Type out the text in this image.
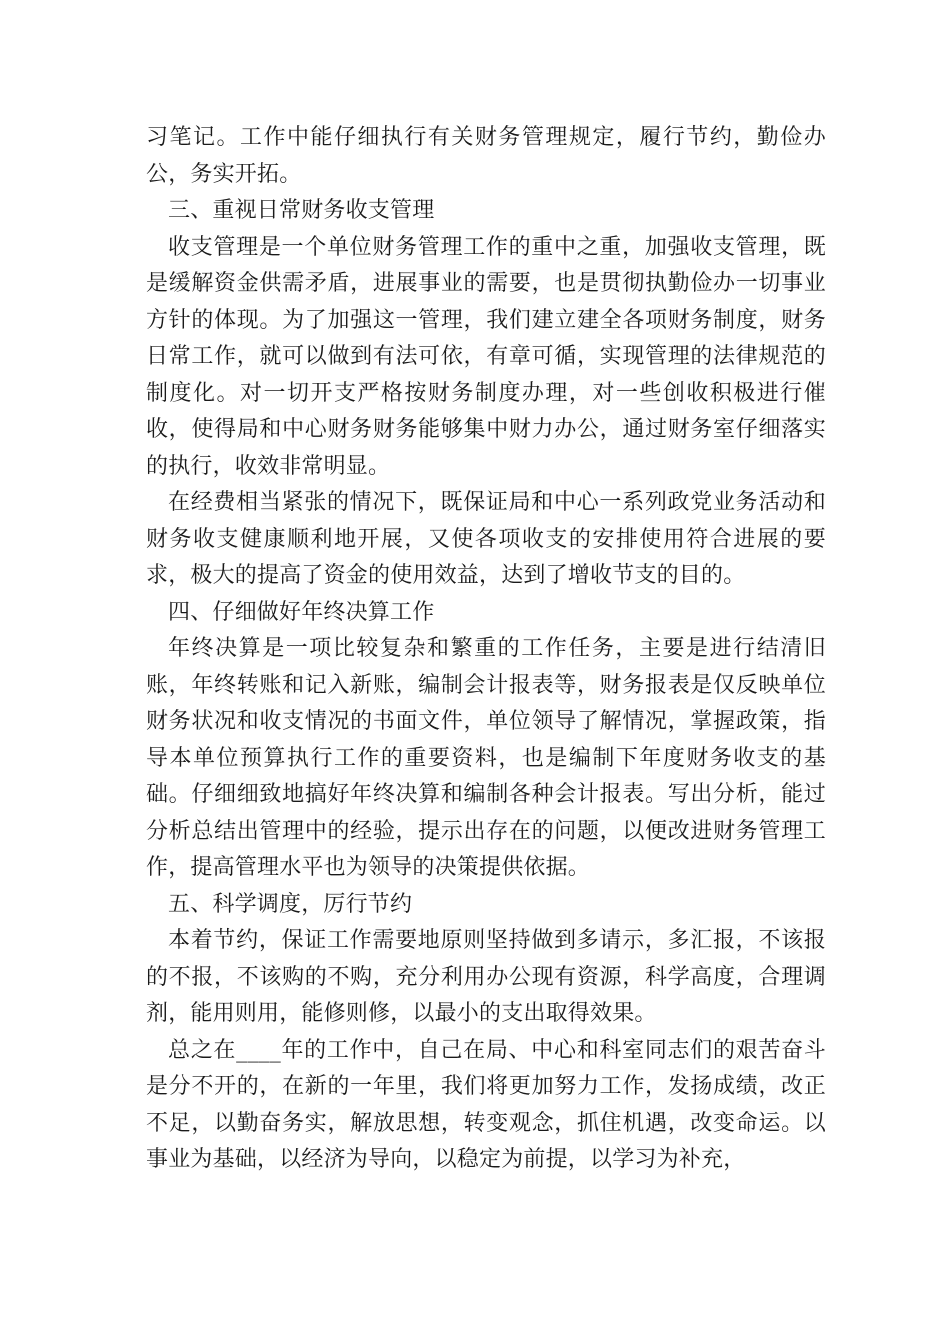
习笔记。工作中能仔细执行有关财务管理规定，履行节约，勤俭办公，务实开拓。

三、重视日常财务收支管理

收支管理是一个单位财务管理工作的重中之重，加强收支管理，既是缓解资金供需矛盾，进展事业的需要，也是贯彻执勤俭办一切事业方针的体现。为了加强这一管理，我们建立建全各项财务制度，财务日常工作，就可以做到有法可依，有章可循，实现管理的法律规范的制度化。对一切开支严格按财务制度办理，对一些创收积极进行催收，使得局和中心财务财务能够集中财力办公，通过财务室仔细落实的执行，收效非常明显。

在经费相当紧张的情况下，既保证局和中心一系列政党业务活动和财务收支健康顺利地开展，又使各项收支的安排使用符合进展的要求，极大的提高了资金的使用效益，达到了增收节支的目的。

四、仔细做好年终决算工作

年终决算是一项比较复杂和繁重的工作任务，主要是进行结清旧账，年终转账和记入新账，编制会计报表等，财务报表是仅反映单位财务状况和收支情况的书面文件，单位领导了解情况，掌握政策，指导本单位预算执行工作的重要资料，也是编制下年度财务收支的基础。仔细细致地搞好年终决算和编制各种会计报表。写出分析，能过分析总结出管理中的经验，提示出存在的问题，以便改进财务管理工作，提高管理水平也为领导的决策提供依据。

五、科学调度，厉行节约

本着节约，保证工作需要地原则坚持做到多请示，多汇报，不该报的不报，不该购的不购，充分利用办公现有资源，科学高度，合理调剂，能用则用，能修则修，以最小的支出取得效果。

总之在____年的工作中，自己在局、中心和科室同志们的艰苦奋斗是分不开的，在新的一年里，我们将更加努力工作，发扬成绩，改正不足，以勤奋务实，解放思想，转变观念，抓住机遇，改变命运。以事业为基础，以经济为导向，以稳定为前提，以学习为补充，
